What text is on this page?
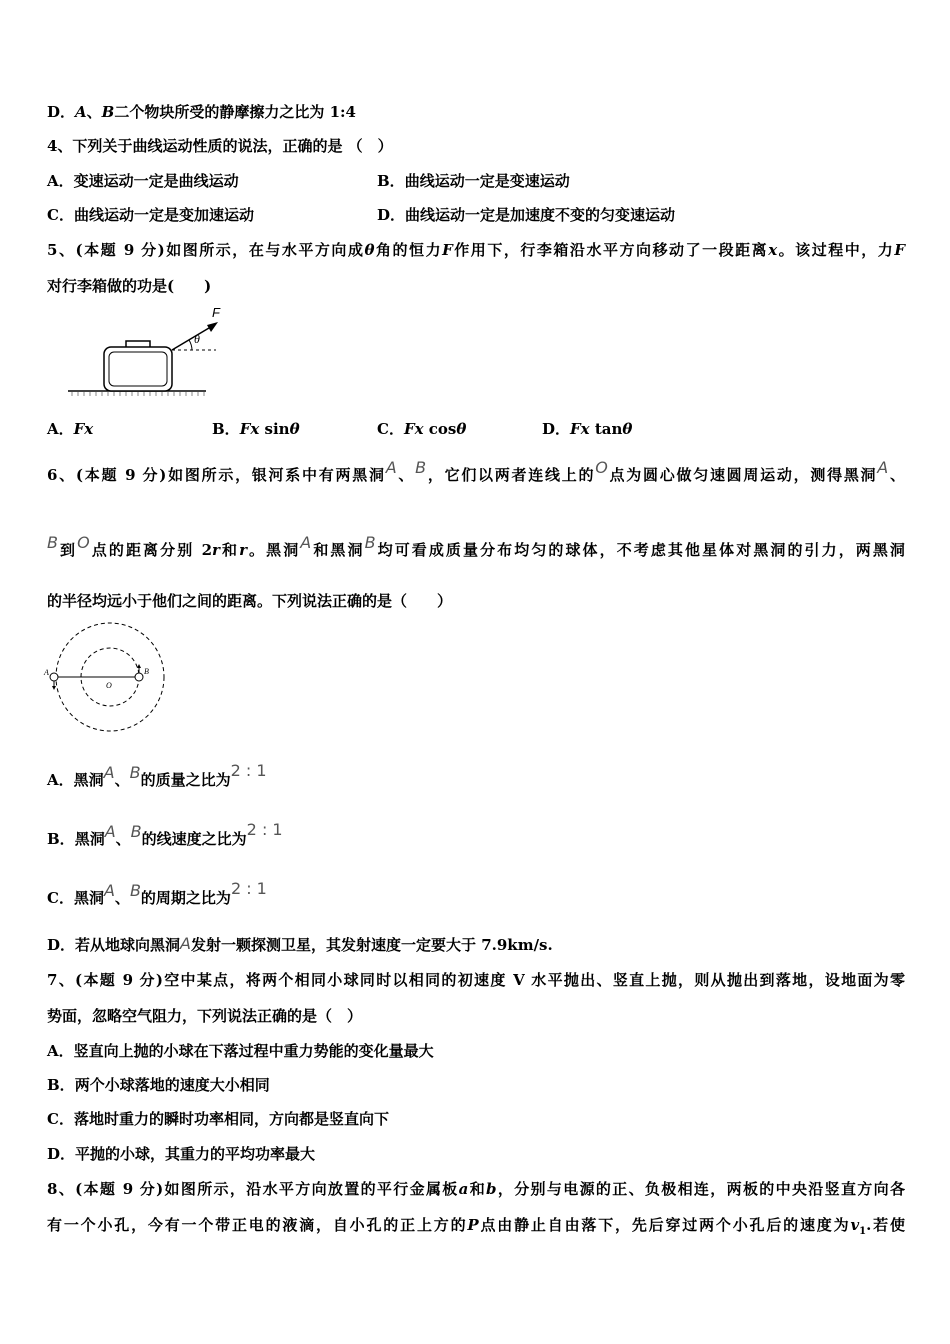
D．A、B二个物块所受的静摩擦力之比为 1:4
4、下列关于曲线运动性质的说法，正确的是 （　）
A．变速运动一定是曲线运动	B．曲线运动一定是变速运动
C．曲线运动一定是变加速运动	D．曲线运动一定是加速度不变的匀变速运动
5、(本题 9 分)如图所示，在与水平方向成θ角的恒力F作用下，行李箱沿水平方向移动了一段距离x。该过程中，力F
对行李箱做的功是(　　)
F
θ
A．Fx	B．Fx sinθ	C．Fx cosθ	D．Fx tanθ
6、(本题 9 分)如图所示，银河系中有两黑洞A、B，它们以两者连线上的O点为圆心做匀速圆周运动，测得黑洞A、
B到O点的距离分别 2r和r。黑洞A和黑洞B均可看成质量分布均匀的球体，不考虑其他星体对黑洞的引力，两黑洞
的半径均远小于他们之间的距离。下列说法正确的是（　　）
A	B
O
A．黑洞A、B的质量之比为2 : 1
B．黑洞A、B的线速度之比为2 : 1
C．黑洞A、B的周期之比为2 : 1
D．若从地球向黑洞A发射一颗探测卫星，其发射速度一定要大于 7.9km/s.
7、(本题 9 分)空中某点，将两个相同小球同时以相同的初速度 V 水平抛出、竖直上抛，则从抛出到落地，设地面为零
势面，忽略空气阻力，下列说法正确的是（　）
A．竖直向上抛的小球在下落过程中重力势能的变化量最大
B．两个小球落地的速度大小相同
C．落地时重力的瞬时功率相同，方向都是竖直向下
D．平抛的小球，其重力的平均功率最大
8、(本题 9 分)如图所示，沿水平方向放置的平行金属板a和b，分别与电源的正、负极相连，两板的中央沿竖直方向各
有一个小孔，今有一个带正电的液滴，自小孔的正上方的P点由静止自由落下，先后穿过两个小孔后的速度为$v_1$.若使
